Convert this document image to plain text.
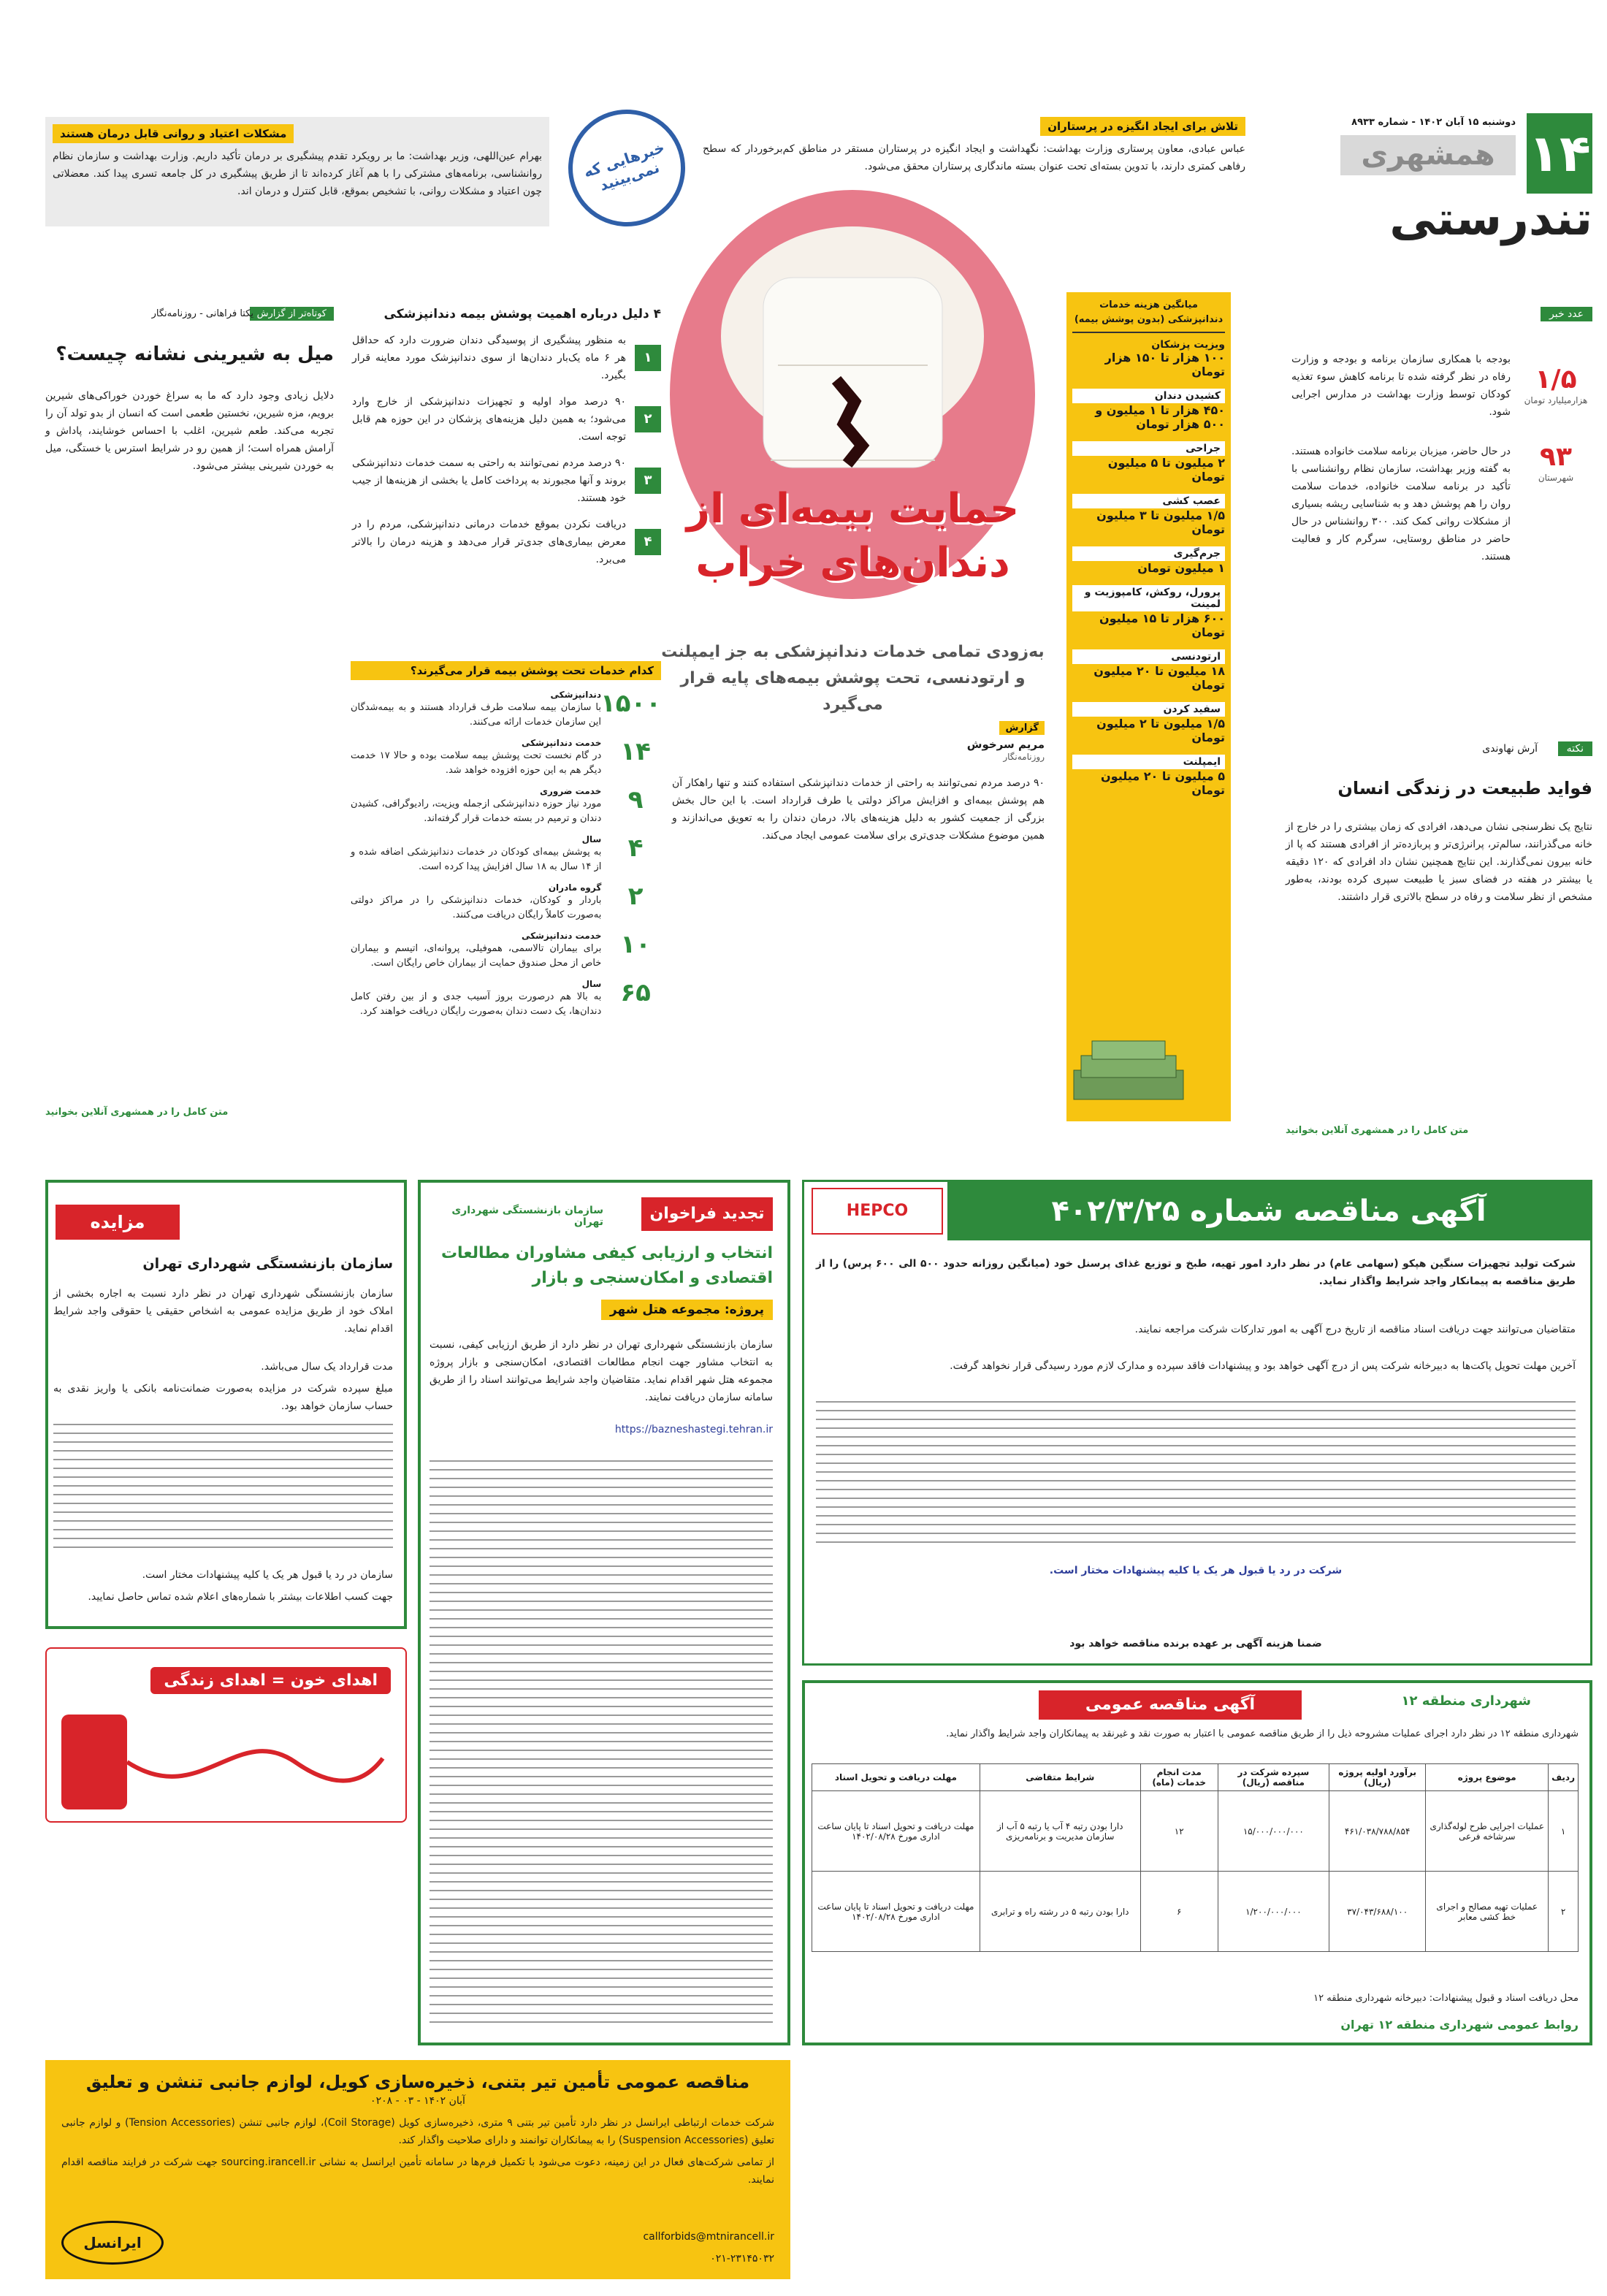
۱۴
دوشنبه ۱۵ آبان ۱۴۰۲ - شماره ۸۹۳۳
همشهری
تندرستی
تلاش برای ایجاد انگیزه در پرستاران
عباس عبادی، معاون پرستاری وزارت بهداشت: نگهداشت و ایجاد انگیزه در پرستاران مستقر در مناطق کم‌برخوردار که سطح رفاهی کمتری دارند، با تدوین بسته‌ای تحت عنوان بسته ماندگاری پرستاران محقق می‌شود.
مشکلات اعتیاد و روانی قابل درمان هستند
بهرام عین‌اللهی، وزیر بهداشت: ما بر رویکرد تقدم پیشگیری بر درمان تأکید داریم. وزارت بهداشت و سازمان نظام روانشناسی، برنامه‌های مشترکی را با هم آغاز کرده‌اند تا از طریق پیشگیری در کل جامعه تسری پیدا کند. معضلاتی چون اعتیاد و مشکلات روانی، با تشخیص بموقع، قابل کنترل و درمان اند.
خبرهایی که نمی‌بینید
عدد خبر
۱/۵
هزارمیلیارد تومان
بودجه با همکاری سازمان برنامه و بودجه و وزارت رفاه در نظر گرفته شده تا برنامه کاهش سوء تغذیه کودکان توسط وزارت بهداشت در مدارس اجرایی شود.
۹۳
شهرستان
در حال حاضر، میزبان برنامه سلامت خانواده هستند. به گفته وزیر بهداشت، سازمان نظام روانشناسی با تأکید در برنامه سلامت خانواده، خدمات سلامت روان را هم پوشش دهد و به شناسایی ریشه بسیاری از مشکلات روانی کمک کند. ۳۰۰ روانشناس در حال حاضر در مناطق روستایی، سرگرم کار و فعالیت هستند.
نکته
آرش نهاوندی
فواید طبیعت در زندگی انسان
نتایج یک نظرسنجی نشان می‌دهد، افرادی که زمان بیشتری را در خارج از خانه می‌گذرانند، سالم‌تر، پرانرژی‌تر و پربازده‌تر از افرادی هستند که پا از خانه بیرون نمی‌گذارند. این نتایج همچنین نشان داد افرادی که ۱۲۰ دقیقه یا بیشتر در هفته در فضای سبز یا طبیعت سپری کرده بودند، به‌طور مشخص از نظر سلامت و رفاه در سطح بالاتری قرار داشتند.
متن کامل را در همشهری آنلاین بخوانید
کوتاه‌تر از گزارش
یکتا فراهانی - روزنامه‌نگار
میل به شیرینی نشانه چیست؟
دلایل زیادی وجود دارد که ما به سراغ خوردن خوراکی‌های شیرین برویم، مزه شیرین، نخستین طعمی است که انسان از بدو تولد آن را تجربه می‌کند. طعم شیرین، اغلب با احساس خوشایند، پاداش و آرامش همراه است؛ از همین رو در شرایط استرس یا خستگی، میل به خوردن شیرینی بیشتر می‌شود.
متن کامل را در همشهری آنلاین بخوانید
۴ دلیل درباره اهمیت پوشش بیمه دندانپزشکی
۱
به منظور پیشگیری از پوسیدگی دندان ضرورت دارد که حداقل هر ۶ ماه یک‌بار دندان‌ها از سوی دندانپزشک مورد معاینه قرار بگیرد.
۲
۹۰ درصد مواد اولیه و تجهیزات دندانپزشکی از خارج وارد می‌شود؛ به همین دلیل هزینه‌های پزشکان در این حوزه هم قابل توجه است.
۳
۹۰ درصد مردم نمی‌توانند به راحتی به سمت خدمات دندانپزشکی بروند و آنها مجبورند به پرداخت کامل یا بخشی از هزینه‌ها از جیب خود هستند.
۴
دریافت نکردن بموقع خدمات درمانی دندانپزشکی، مردم را در معرض بیماری‌های جدی‌تر قرار می‌دهد و هزینه درمان را بالاتر می‌برد.
کدام خدمات تحت پوشش بیمه قرار می‌گیرند؟
۱۵۰۰
دندانپزشکی
با سازمان بیمه سلامت طرف قرارداد هستند و به بیمه‌شدگان این سازمان خدمات ارائه می‌کنند.
۱۴
خدمت دندانپزشکی
در گام نخست تحت پوشش بیمه سلامت بوده و حالا ۱۷ خدمت دیگر هم به این حوزه افزوده خواهد شد.
۹
خدمت ضروری
مورد نیاز حوزه دندانپزشکی ازجمله ویزیت، رادیوگرافی، کشیدن دندان و ترمیم در بسته خدمات قرار گرفته‌اند.
۴
سال
به پوشش بیمه‌ای کودکان در خدمات دندانپزشکی اضافه شده و از ۱۴ سال به ۱۸ سال افزایش پیدا کرده است.
۲
گروه مادران
باردار و کودکان، خدمات دندانپزشکی را در مراکز دولتی به‌صورت کاملاً رایگان دریافت می‌کنند.
۱۰
خدمت دندانپزشکی
برای بیماران تالاسمی، هموفیلی، پروانه‌ای، اتیسم و بیماران خاص از محل صندوق حمایت از بیماران خاص رایگان است.
۶۵
سال
به بالا هم درصورت بروز آسیب جدی و از بین رفتن کامل دندان‌ها، یک دست دندان به‌صورت رایگان دریافت خواهند کرد.
حمایت بیمه‌ای از دندان‌های خراب
به‌زودی تمامی خدمات دندانپزشکی به جز ایمپلنت و ارتودنسی، تحت پوشش بیمه‌های پایه قرار می‌گیرد
گزارش
مریم سرخوش
روزنامه‌نگار
۹۰ درصد مردم نمی‌توانند به راحتی از خدمات دندانپزشکی استفاده کنند و تنها راهکار آن هم پوشش بیمه‌ای و افزایش مراکز دولتی یا طرف قرارداد است. با این حال بخش بزرگی از جمعیت کشور به دلیل هزینه‌های بالا، درمان دندان را به تعویق می‌اندازند و همین موضوع مشکلات جدی‌تری برای سلامت عمومی ایجاد می‌کند.
میانگین هزینه خدمات دندانپزشکی (بدون پوشش بیمه)
ویزیت پزشکان
۱۰۰ هزار تا ۱۵۰ هزار تومان
کشیدن دندان
۴۵۰ هزار تا ۱ میلیون و ۵۰۰ هزار تومان
جراحی
۲ میلیون تا ۵ میلیون تومان
عصب کشی
۱/۵ میلیون تا ۳ میلیون تومان
جرم‌گیری
۱ میلیون تومان
پرورل، روکش، کامپوزیت و لمینت
۶۰۰ هزار تا ۱۵ میلیون تومان
ارتودنسی
۱۸ میلیون تا ۲۰ میلیون تومان
سفید کردن
۱/۵ میلیون تا ۲ میلیون تومان
ایمپلنت
۵ میلیون تا ۲۰ میلیون تومان
آگهی مناقصه شماره ۴۰۲/۳/۲۵
HEPCO
شرکت تولید تجهیزات سنگین هپکو (سهامی عام) در نظر دارد امور تهیه، طبخ و توزیع غذای پرسنل خود (میانگین روزانه حدود ۵۰۰ الی ۶۰۰ پرس) را از طریق مناقصه به پیمانکار واجد شرایط واگذار نماید.
متقاضیان می‌توانند جهت دریافت اسناد مناقصه از تاریخ درج آگهی به امور تدارکات شرکت مراجعه نمایند.
آخرین مهلت تحویل پاکت‌ها به دبیرخانه شرکت پس از درج آگهی خواهد بود و پیشنهادات فاقد سپرده و مدارک لازم مورد رسیدگی قرار نخواهد گرفت.
شرکت در رد یا قبول هر یک یا کلیه پیشنهادات مختار است.
ضمنا هزینه آگهی بر عهده برنده مناقصه خواهد بود
مزایده عمومی
سازمان بازنشستگی شهرداری تهران
سازمان بازنشستگی شهرداری تهران در نظر دارد نسبت به اجاره بخشی از املاک خود از طریق مزایده عمومی به اشخاص حقیقی یا حقوقی واجد شرایط اقدام نماید.
مدت قرارداد یک سال می‌باشد.
مبلغ سپرده شرکت در مزایده به‌صورت ضمانت‌نامه بانکی یا واریز نقدی به حساب سازمان خواهد بود.
سازمان در رد یا قبول هر یک یا کلیه پیشنهادات مختار است.
جهت کسب اطلاعات بیشتر با شماره‌های اعلام شده تماس حاصل نمایید.
اهدای خون = اهدای زندگی
تجدید فراخوان
سازمان بازنشستگی شهرداری تهران
انتخاب و ارزیابی کیفی مشاوران مطالعات اقتصادی و امکان‌سنجی و بازار
پروژه: مجموعه هتل شهر
سازمان بازنشستگی شهرداری تهران در نظر دارد از طریق ارزیابی کیفی، نسبت به انتخاب مشاور جهت انجام مطالعات اقتصادی، امکان‌سنجی و بازار پروژه مجموعه هتل شهر اقدام نماید. متقاضیان واجد شرایط می‌توانند اسناد را از طریق سامانه سازمان دریافت نمایند.
https://bazneshastegi.tehran.ir
مناقصه عمومی تأمین تیر بتنی، ذخیره‌سازی کویل، لوازم جانبی تنشن و تعلیق
آبان ۱۴۰۲ - ۰۳ - ۰۲۰۸
شرکت خدمات ارتباطی ایرانسل در نظر دارد تأمین تیر بتنی ۹ متری، ذخیره‌سازی کویل (Coil Storage)، لوازم جانبی تنشن (Tension Accessories) و لوازم جانبی تعلیق (Suspension Accessories) را به پیمانکاران توانمند و دارای صلاحیت واگذار کند.
از تمامی شرکت‌های فعال در این زمینه، دعوت می‌شود با تکمیل فرم‌ها در سامانه تأمین ایرانسل به نشانی sourcing.irancell.ir جهت شرکت در فرایند مناقصه اقدام نمایند.
callforbids@mtnirancell.ir
۰۲۱-۲۳۱۴۵۰۳۲
ایرانسل
آگهی مناقصه عمومی	شهرداری منطقه ۱۲
شهرداری منطقه ۱۲ در نظر دارد اجرای عملیات مشروحه ذیل را از طریق مناقصه عمومی با اعتبار به صورت نقد و غیرنقد به پیمانکاران واجد شرایط واگذار نماید.
ردیف	موضوع پروژه	برآورد اولیه پروژه (ریال)	سپرده شرکت در مناقصه (ریال)	مدت انجام خدمات (ماه)	شرایط متقاضی	مهلت دریافت و تحویل اسناد
۱	عملیات اجرایی طرح لوله‌گذاری سرشاخه فرعی	۴۶۱/۰۳۸/۷۸۸/۸۵۴	۱۵/۰۰۰/۰۰۰/۰۰۰	۱۲	دارا بودن رتبه ۴ آب یا رتبه ۵ آب از سازمان مدیریت و برنامه‌ریزی	مهلت دریافت و تحویل اسناد تا پایان ساعت اداری مورخ ۱۴۰۲/۰۸/۲۸
۲	عملیات تهیه مصالح و اجرای خط کشی معابر	۳۷/۰۴۳/۶۸۸/۱۰۰	۱/۲۰۰/۰۰۰/۰۰۰	۶	دارا بودن رتبه ۵ در رشته راه و ترابری	مهلت دریافت و تحویل اسناد تا پایان ساعت اداری مورخ ۱۴۰۲/۰۸/۲۸
محل دریافت اسناد و قبول پیشنهادات: دبیرخانه شهرداری منطقه ۱۲
روابط عمومی شهرداری منطقه ۱۲ تهران
